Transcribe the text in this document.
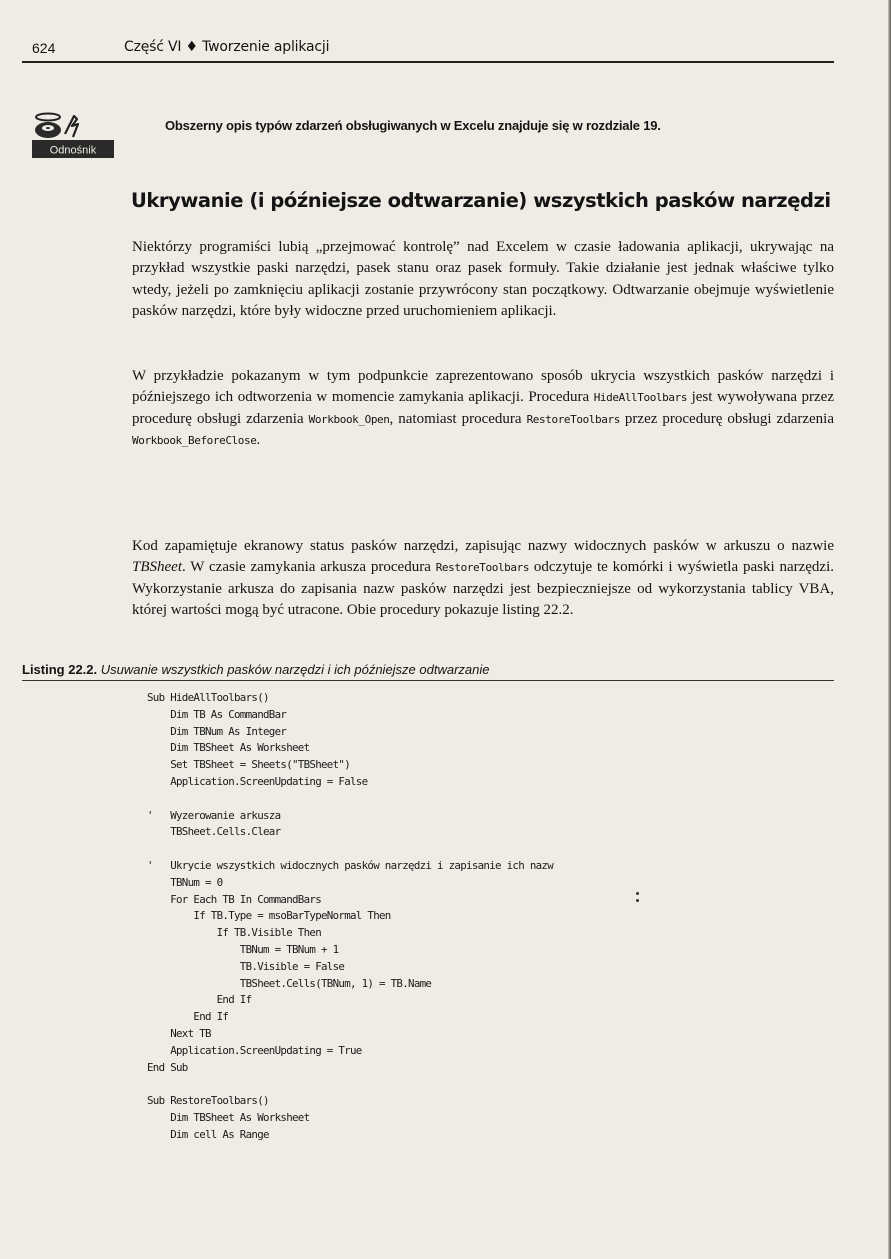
624	Część VI ♦ Tworzenie aplikacji
Odnośnik
Obszerny opis typów zdarzeń obsługiwanych w Excelu znajduje się w rozdziale 19.
Ukrywanie (i późniejsze odtwarzanie) wszystkich pasków narzędzi

Niektórzy programiści lubią „przejmować kontrolę” nad Excelem w czasie ładowania aplikacji, ukrywając na przykład wszystkie paski narzędzi, pasek stanu oraz pasek formuły. Takie działanie jest jednak właściwe tylko wtedy, jeżeli po zamknięciu aplikacji zostanie przywrócony stan początkowy. Odtwarzanie obejmuje wyświetlenie pasków narzędzi, które były widoczne przed uruchomieniem aplikacji.

W przykładzie pokazanym w tym podpunkcie zaprezentowano sposób ukrycia wszystkich pasków narzędzi i późniejszego ich odtworzenia w momencie zamykania aplikacji. Procedura HideAllToolbars jest wywoływana przez procedurę obsługi zdarzenia Workbook_Open, natomiast procedura RestoreToolbars przez procedurę obsługi zdarzenia Workbook_BeforeClose.

Kod zapamiętuje ekranowy status pasków narzędzi, zapisując nazwy widocznych pasków w arkuszu o nazwie TBSheet. W czasie zamykania arkusza procedura RestoreToolbars odczytuje te komórki i wyświetla paski narzędzi. Wykorzystanie arkusza do zapisania nazw pasków narzędzi jest bezpieczniejsze od wykorzystania tablicy VBA, której wartości mogą być utracone. Obie procedury pokazuje listing 22.2.

Listing 22.2. Usuwanie wszystkich pasków narzędzi i ich późniejsze odtwarzanie
Sub HideAllToolbars()
Dim TB As CommandBar
Dim TBNum As Integer
Dim TBSheet As Worksheet
Set TBSheet = Sheets("TBSheet")
Application.ScreenUpdating = False

'   Wyzerowanie arkusza
TBSheet.Cells.Clear

'   Ukrycie wszystkich widocznych pasków narzędzi i zapisanie ich nazw
TBNum = 0
For Each TB In CommandBars
If TB.Type = msoBarTypeNormal Then
If TB.Visible Then
TBNum = TBNum + 1
TB.Visible = False
TBSheet.Cells(TBNum, 1) = TB.Name
End If
End If
Next TB
Application.ScreenUpdating = True
End Sub

Sub RestoreToolbars()
Dim TBSheet As Worksheet
Dim cell As Range
